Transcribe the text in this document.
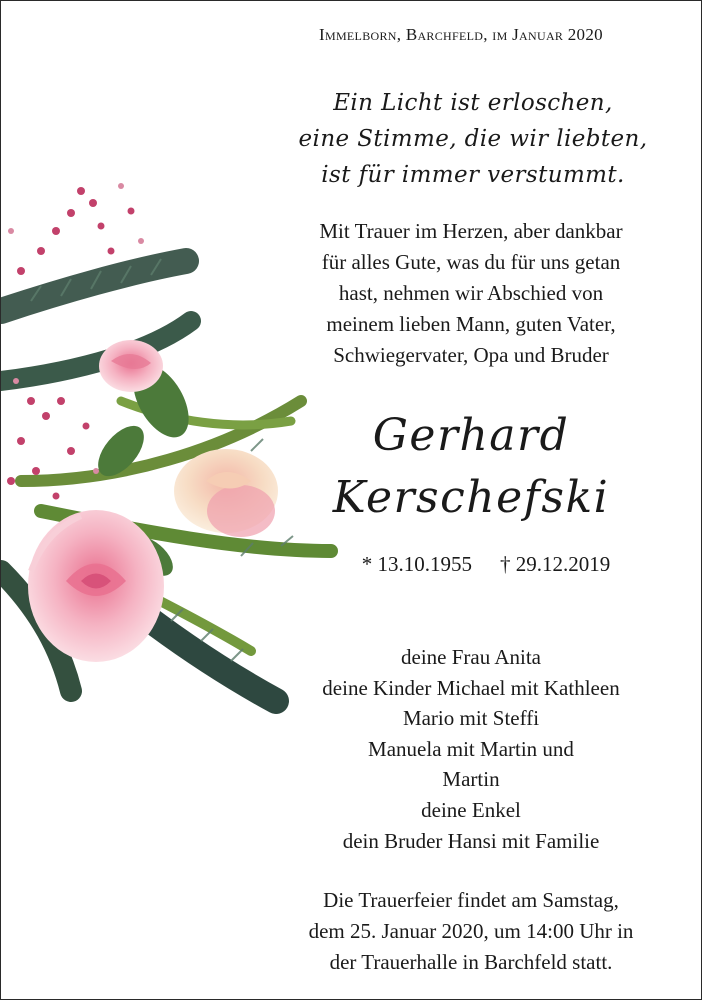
Immelborn, Barchfeld, im Januar 2020
Ein Licht ist erloschen,
eine Stimme, die wir liebten,
ist für immer verstummt.
Mit Trauer im Herzen, aber dankbar
für alles Gute, was du für uns getan
hast, nehmen wir Abschied von
meinem lieben Mann, guten Vater,
Schwiegervater, Opa und Bruder
Gerhard
Kerschefski
* 13.10.1955 † 29.12.2019
deine Frau Anita
deine Kinder Michael mit Kathleen
Mario mit Steffi
Manuela mit Martin und
Martin
deine Enkel
dein Bruder Hansi mit Familie
Die Trauerfeier findet am Samstag,
dem 25. Januar 2020, um 14:00 Uhr in
der Trauerhalle in Barchfeld statt.
